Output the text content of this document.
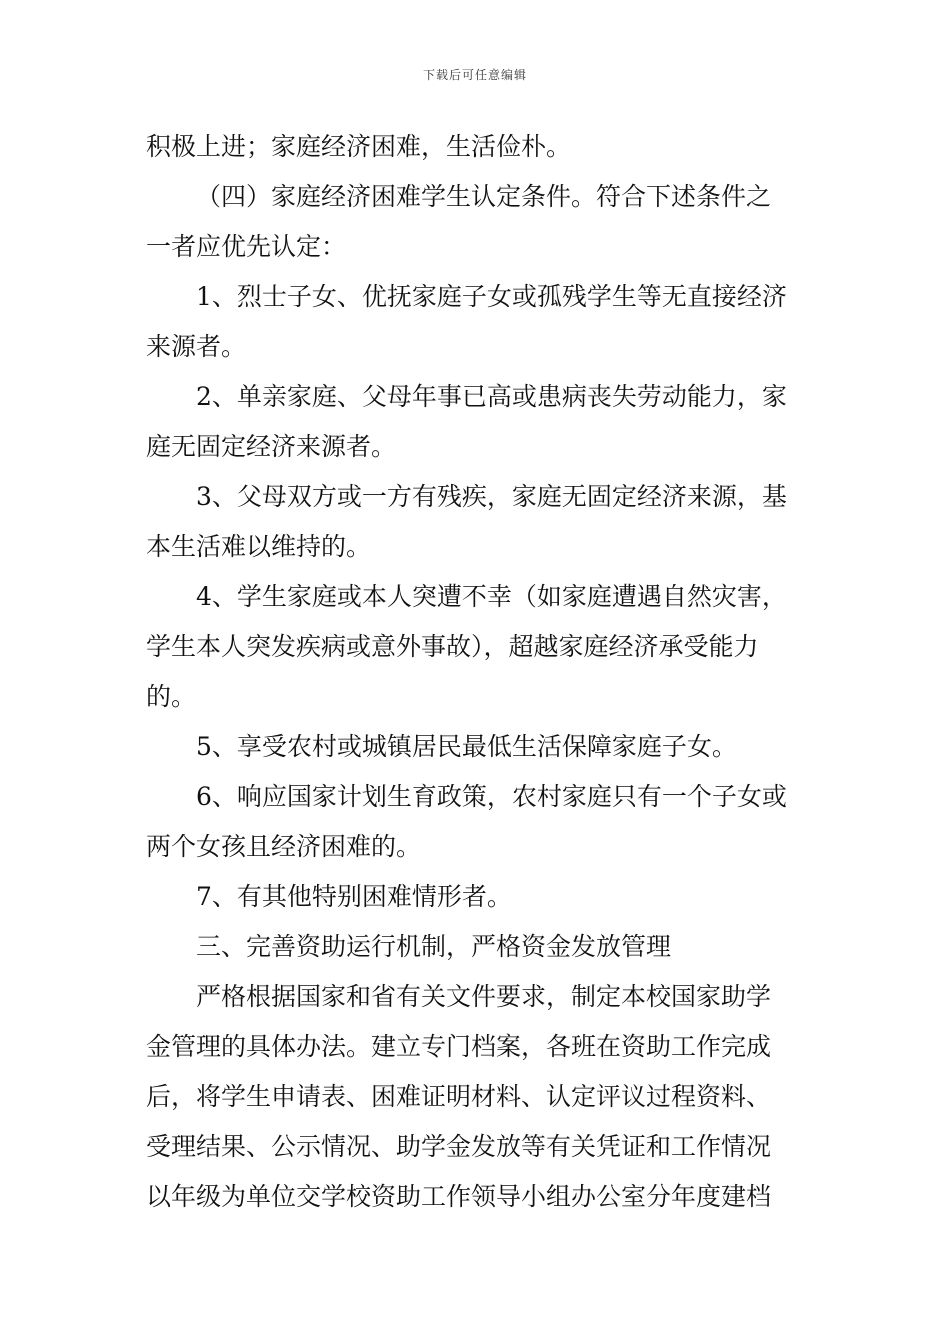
下载后可任意编辑
积极上进；家庭经济困难，生活俭朴。
（四）家庭经济困难学生认定条件。符合下述条件之
一者应优先认定：
1、烈士子女、优抚家庭子女或孤残学生等无直接经济
来源者。
2、单亲家庭、父母年事已高或患病丧失劳动能力，家
庭无固定经济来源者。
3、父母双方或一方有残疾，家庭无固定经济来源，基
本生活难以维持的。
4、学生家庭或本人突遭不幸（如家庭遭遇自然灾害，
学生本人突发疾病或意外事故），超越家庭经济承受能力
的。
5、享受农村或城镇居民最低生活保障家庭子女。
6、响应国家计划生育政策，农村家庭只有一个子女或
两个女孩且经济困难的。
7、有其他特别困难情形者。
三、完善资助运行机制，严格资金发放管理
严格根据国家和省有关文件要求，制定本校国家助学
金管理的具体办法。建立专门档案，各班在资助工作完成
后，将学生申请表、困难证明材料、认定评议过程资料、
受理结果、公示情况、助学金发放等有关凭证和工作情况
以年级为单位交学校资助工作领导小组办公室分年度建档
